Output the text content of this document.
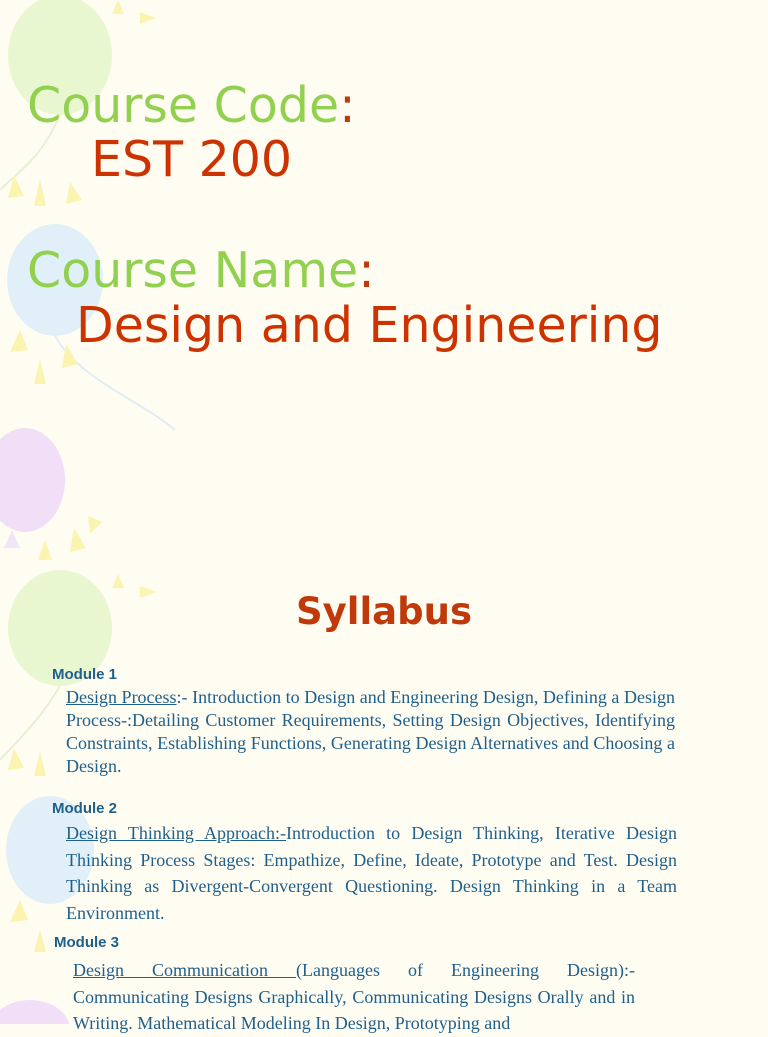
Course Code:
EST 200
Course Name:
Design and Engineering
Syllabus
Module 1
Design Process:- Introduction to Design and Engineering Design, Defining a Design Process-:Detailing Customer Requirements, Setting Design Objectives, Identifying Constraints, Establishing Functions, Generating Design Alternatives and Choosing a Design.
Module 2
Design Thinking Approach:-Introduction to Design Thinking, Iterative Design Thinking Process Stages: Empathize, Define, Ideate, Prototype and Test. Design Thinking as Divergent-Convergent Questioning. Design Thinking in a Team Environment.
Module 3
Design Communication (Languages of Engineering Design):- Communicating Designs Graphically, Communicating Designs Orally and in Writing. Mathematical Modeling In Design, Prototyping and
